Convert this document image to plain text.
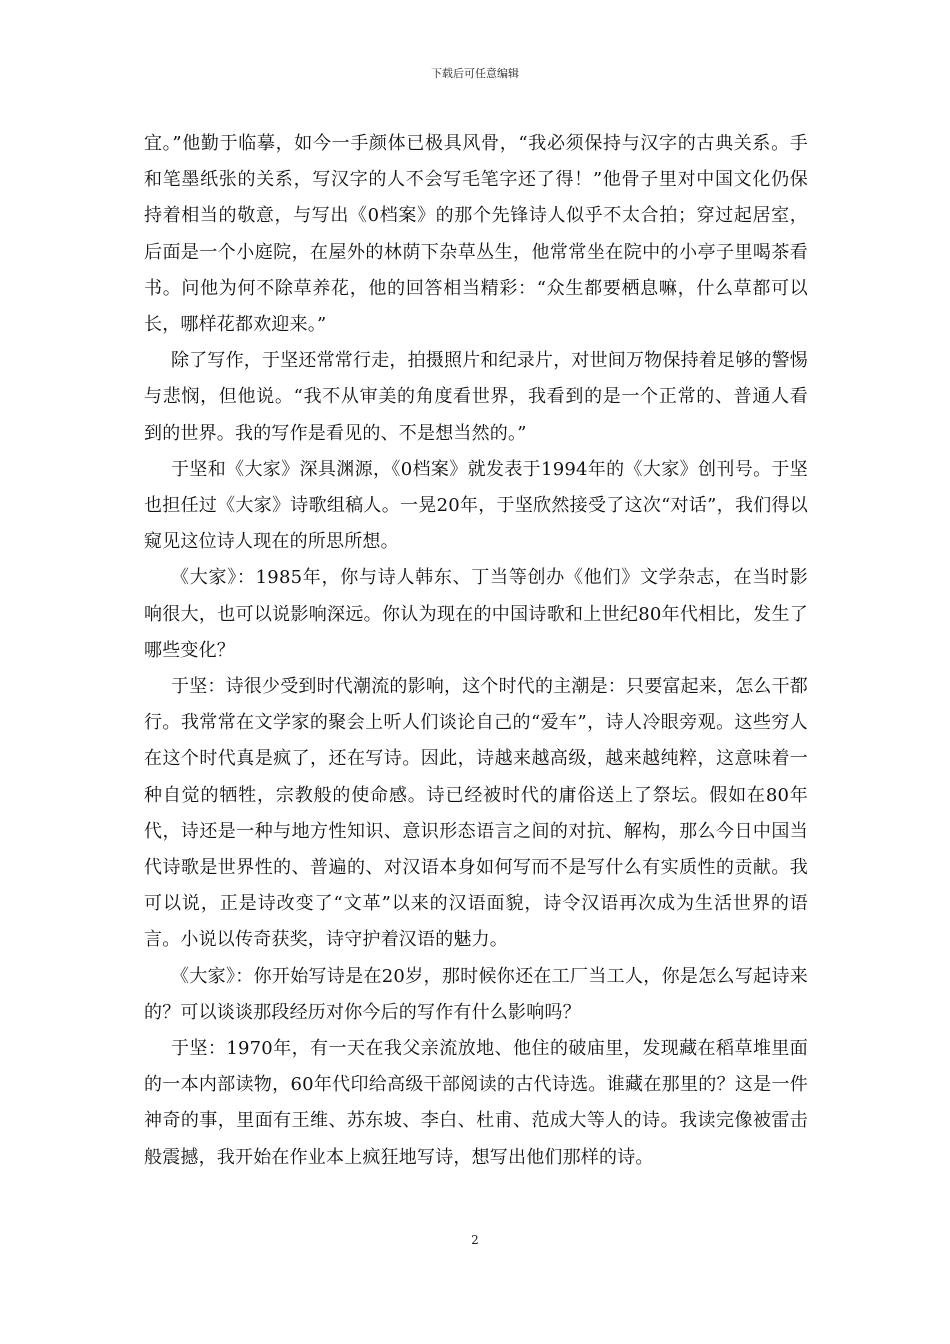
下载后可任意编辑

宜。”他勤于临摹，如今一手颜体已极具风骨，“我必须保持与汉字的古典关系。手和笔墨纸张的关系，写汉字的人不会写毛笔字还了得！”他骨子里对中国文化仍保持着相当的敬意，与写出《0档案》的那个先锋诗人似乎不太合拍；穿过起居室，后面是一个小庭院，在屋外的林荫下杂草丛生，他常常坐在院中的小亭子里喝茶看书。问他为何不除草养花，他的回答相当精彩：“众生都要栖息嘛，什么草都可以长，哪样花都欢迎来。”

除了写作，于坚还常常行走，拍摄照片和纪录片，对世间万物保持着足够的警惕与悲悯，但他说。“我不从审美的角度看世界，我看到的是一个正常的、普通人看到的世界。我的写作是看见的、不是想当然的。”

于坚和《大家》深具渊源，《0档案》就发表于1994年的《大家》创刊号。于坚也担任过《大家》诗歌组稿人。一晃20年，于坚欣然接受了这次“对话”，我们得以窥见这位诗人现在的所思所想。

《大家》：1985年，你与诗人韩东、丁当等创办《他们》文学杂志，在当时影响很大，也可以说影响深远。你认为现在的中国诗歌和上世纪80年代相比，发生了哪些变化？

于坚：诗很少受到时代潮流的影响，这个时代的主潮是：只要富起来，怎么干都行。我常常在文学家的聚会上听人们谈论自己的“爱车”，诗人冷眼旁观。这些穷人在这个时代真是疯了，还在写诗。因此，诗越来越高级，越来越纯粹，这意味着一种自觉的牺牲，宗教般的使命感。诗已经被时代的庸俗送上了祭坛。假如在80年代，诗还是一种与地方性知识、意识形态语言之间的对抗、解构，那么今日中国当代诗歌是世界性的、普遍的、对汉语本身如何写而不是写什么有实质性的贡献。我可以说，正是诗改变了“文革”以来的汉语面貌，诗令汉语再次成为生活世界的语言。小说以传奇获奖，诗守护着汉语的魅力。

《大家》：你开始写诗是在20岁，那时候你还在工厂当工人，你是怎么写起诗来的？可以谈谈那段经历对你今后的写作有什么影响吗？

于坚：1970年，有一天在我父亲流放地、他住的破庙里，发现藏在稻草堆里面的一本内部读物，60年代印给高级干部阅读的古代诗选。谁藏在那里的？这是一件神奇的事，里面有王维、苏东坡、李白、杜甫、范成大等人的诗。我读完像被雷击般震撼，我开始在作业本上疯狂地写诗，想写出他们那样的诗。

2
